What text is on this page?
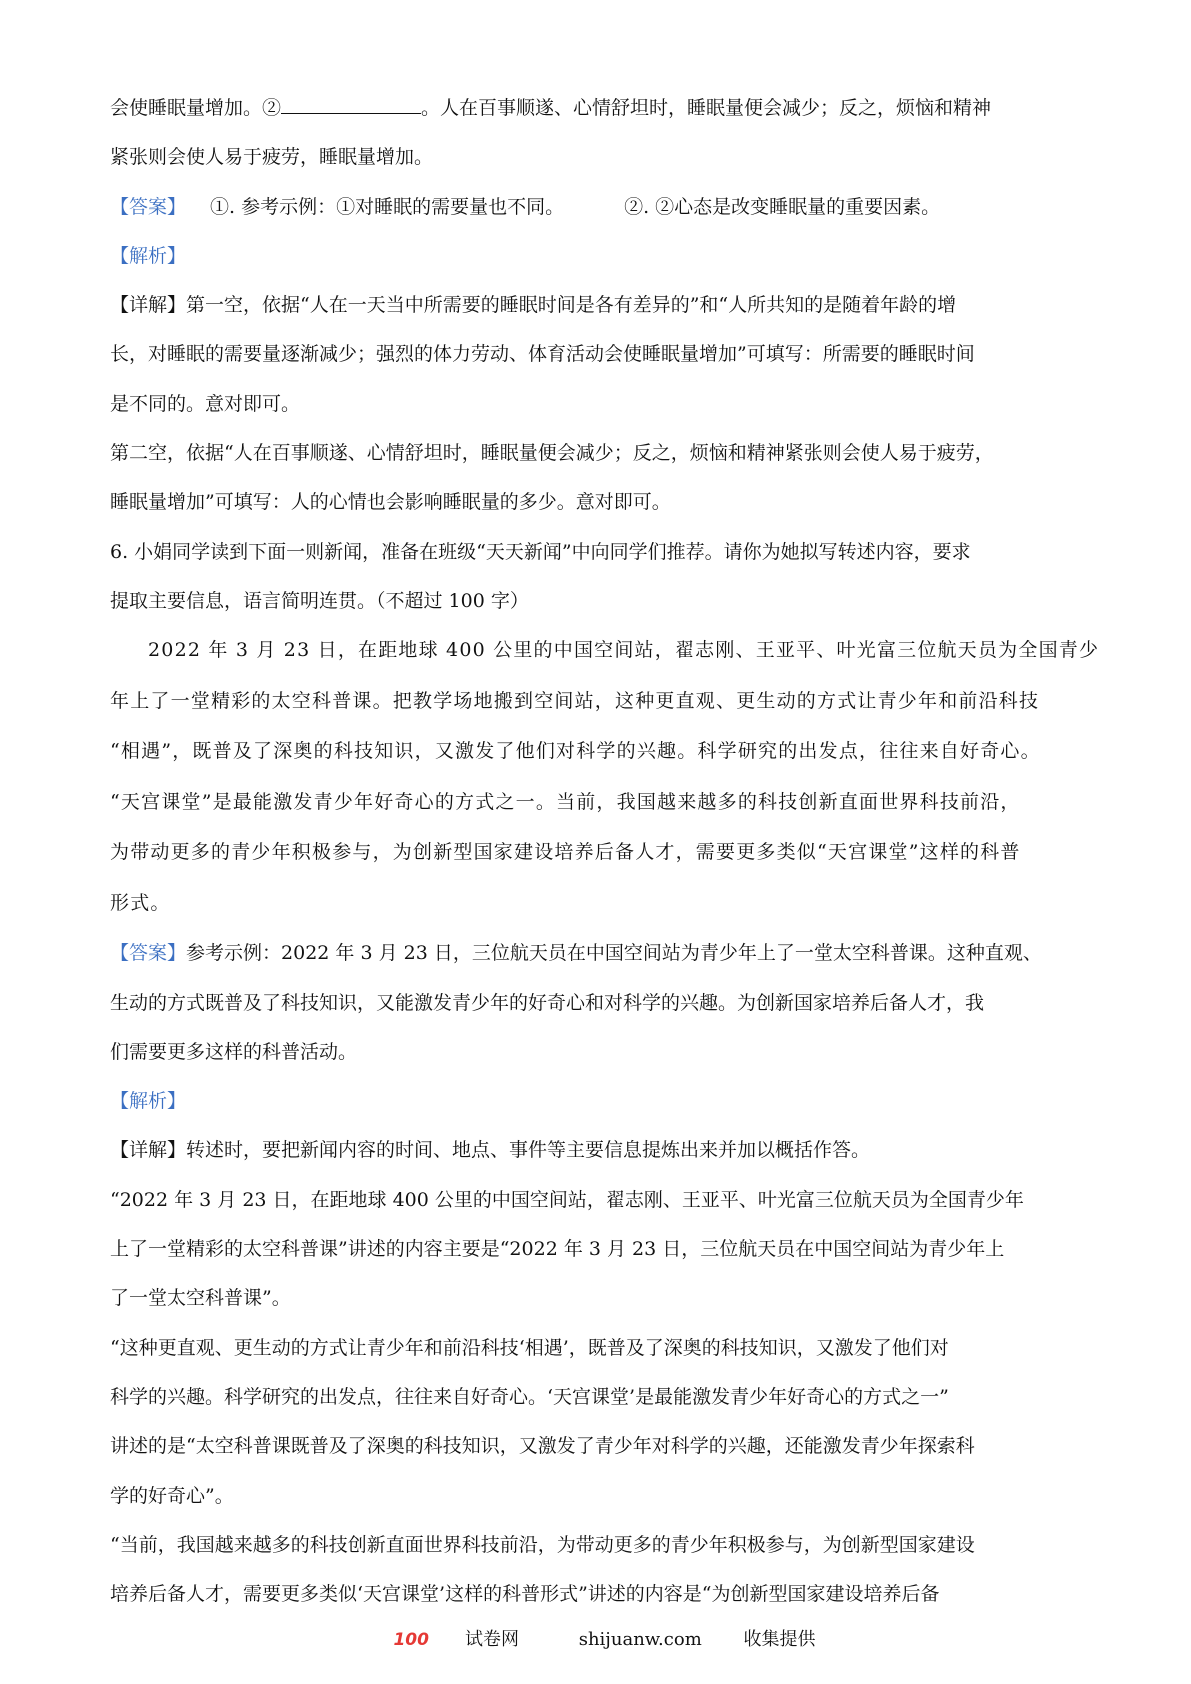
会使睡眠量增加。②	。人在百事顺遂、心情舒坦时，睡眠量便会减少；反之，烦恼和精神
紧张则会使人易于疲劳，睡眠量增加。
【答案】 ①. 参考示例：①对睡眠的需要量也不同。	②. ②心态是改变睡眠量的重要因素。
【解析】
【详解】第一空，依据“人在一天当中所需要的睡眠时间是各有差异的”和“人所共知的是随着年龄的增
长，对睡眠的需要量逐渐减少；强烈的体力劳动、体育活动会使睡眠量增加”可填写：所需要的睡眠时间
是不同的。意对即可。
第二空，依据“人在百事顺遂、心情舒坦时，睡眠量便会减少；反之，烦恼和精神紧张则会使人易于疲劳，
睡眠量增加”可填写：人的心情也会影响睡眠量的多少。意对即可。
6. 小娟同学读到下面一则新闻，准备在班级“天天新闻”中向同学们推荐。请你为她拟写转述内容，要求
提取主要信息，语言简明连贯。（不超过 100 字）
2022 年 3 月 23 日，在距地球 400 公里的中国空间站，翟志刚、王亚平、叶光富三位航天员为全国青少
年上了一堂精彩的太空科普课。把教学场地搬到空间站，这种更直观、更生动的方式让青少年和前沿科技
“相遇”，既普及了深奥的科技知识，又激发了他们对科学的兴趣。科学研究的出发点，往往来自好奇心。
“天宫课堂”是最能激发青少年好奇心的方式之一。当前，我国越来越多的科技创新直面世界科技前沿，
为带动更多的青少年积极参与，为创新型国家建设培养后备人才，需要更多类似“天宫课堂”这样的科普
形式。
【答案】参考示例：2022 年 3 月 23 日，三位航天员在中国空间站为青少年上了一堂太空科普课。这种直观、
生动的方式既普及了科技知识，又能激发青少年的好奇心和对科学的兴趣。为创新国家培养后备人才，我
们需要更多这样的科普活动。
【解析】
【详解】转述时，要把新闻内容的时间、地点、事件等主要信息提炼出来并加以概括作答。
“2022 年 3 月 23 日，在距地球 400 公里的中国空间站，翟志刚、王亚平、叶光富三位航天员为全国青少年
上了一堂精彩的太空科普课”讲述的内容主要是“2022 年 3 月 23 日，三位航天员在中国空间站为青少年上
了一堂太空科普课”。
“这种更直观、更生动的方式让青少年和前沿科技‘相遇’，既普及了深奥的科技知识，又激发了他们对
科学的兴趣。科学研究的出发点，往往来自好奇心。‘天宫课堂’是最能激发青少年好奇心的方式之一”
讲述的是“太空科普课既普及了深奥的科技知识，又激发了青少年对科学的兴趣，还能激发青少年探索科
学的好奇心”。
“当前，我国越来越多的科技创新直面世界科技前沿，为带动更多的青少年积极参与，为创新型国家建设
培养后备人才，需要更多类似‘天宫课堂’这样的科普形式”讲述的内容是“为创新型国家建设培养后备
100 试卷网	shijuanw.com 收集提供
